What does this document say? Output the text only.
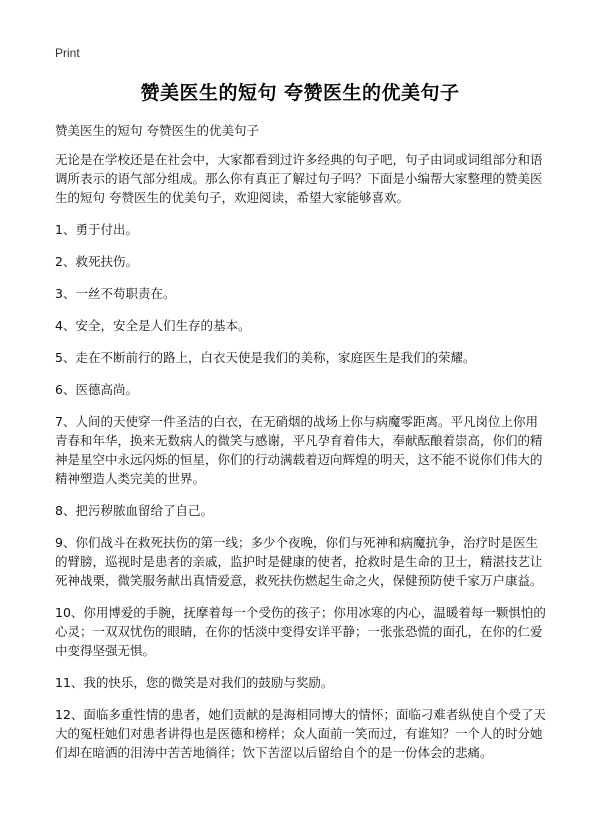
Print
赞美医生的短句 夸赞医生的优美句子
赞美医生的短句 夸赞医生的优美句子

无论是在学校还是在社会中，大家都看到过许多经典的句子吧，句子由词或词组部分和语调所表示的语气部分组成。那么你有真正了解过句子吗？下面是小编帮大家整理的赞美医生的短句 夸赞医生的优美句子，欢迎阅读，希望大家能够喜欢。

1、勇于付出。

2、救死扶伤。

3、一丝不苟职责在。

4、安全，安全是人们生存的基本。

5、走在不断前行的路上，白衣天使是我们的美称，家庭医生是我们的荣耀。

6、医德高尚。

7、人间的天使穿一件圣洁的白衣，在无硝烟的战场上你与病魔零距离。平凡岗位上你用青春和年华，换来无数病人的微笑与感谢，平凡孕育着伟大，奉献酝酿着崇高，你们的精神是星空中永远闪烁的恒星，你们的行动满载着迈向辉煌的明天，这不能不说你们伟大的精神塑造人类完美的世界。

8、把污秽脓血留给了自己。

9、你们战斗在救死扶伤的第一线；多少个夜晚，你们与死神和病魔抗争，治疗时是医生的臂膀，巡视时是患者的亲戚，监护时是健康的使者，抢救时是生命的卫士，精湛技艺让死神战栗，微笑服务献出真情爱意，救死扶伤燃起生命之火，保健预防使千家万户康益。

10、你用博爱的手腕，抚摩着每一个受伤的孩子；你用冰寒的内心，温暖着每一颗惧怕的心灵；一双双忧伤的眼睛，在你的恬淡中变得安详平静；一张张恐慌的面孔，在你的仁爱中变得坚强无惧。

11、我的快乐，您的微笑是对我们的鼓励与奖励。

12、面临多重性情的患者，她们贡献的是海相同博大的情怀；面临刁难者纵使自个受了天大的冤枉她们对患者讲得也是医德和榜样；众人面前一笑而过，有谁知？一个人的时分她们却在暗洒的泪涛中苦苦地徜徉；饮下苦涩以后留给自个的是一份体会的悲痛。
